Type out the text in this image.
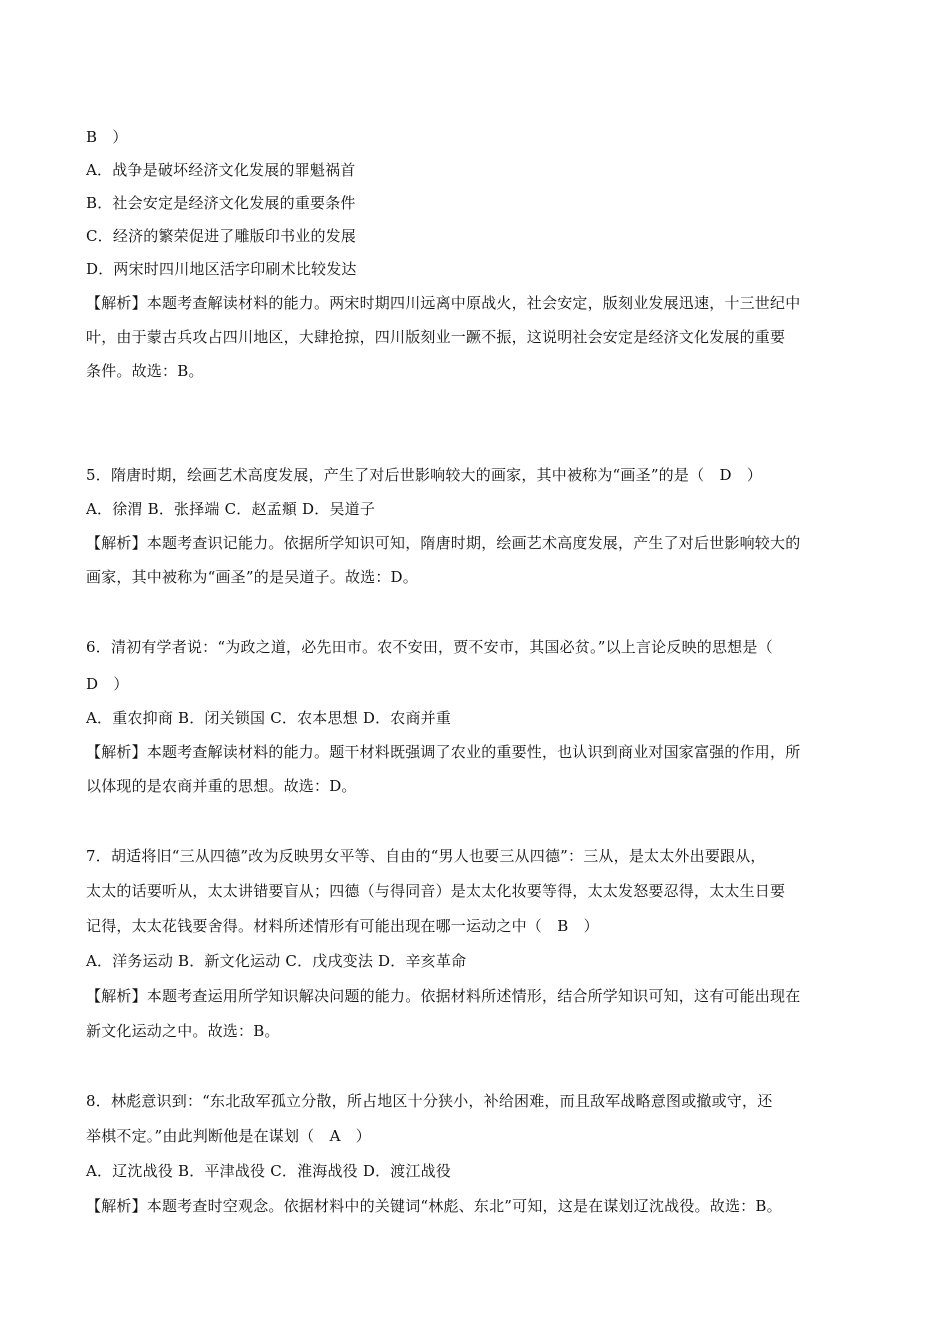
B　）
A．战争是破坏经济文化发展的罪魁祸首
B．社会安定是经济文化发展的重要条件
C．经济的繁荣促进了雕版印书业的发展
D．两宋时四川地区活字印刷术比较发达
【解析】本题考查解读材料的能力。两宋时期四川远离中原战火，社会安定，版刻业发展迅速，十三世纪中
叶，由于蒙古兵攻占四川地区，大肆抢掠，四川版刻业一蹶不振，这说明社会安定是经济文化发展的重要
条件。故选：B。
5．隋唐时期，绘画艺术高度发展，产生了对后世影响较大的画家，其中被称为“画圣”的是（　D　）
A．徐渭 B．张择端 C．赵孟頫 D．吴道子
【解析】本题考查识记能力。依据所学知识可知，隋唐时期，绘画艺术高度发展，产生了对后世影响较大的
画家，其中被称为“画圣”的是吴道子。故选：D。
6．清初有学者说：“为政之道，必先田市。农不安田，贾不安市，其国必贫。”以上言论反映的思想是（
D　）
A．重农抑商 B．闭关锁国 C．农本思想 D．农商并重
【解析】本题考查解读材料的能力。题干材料既强调了农业的重要性，也认识到商业对国家富强的作用，所
以体现的是农商并重的思想。故选：D。
7．胡适将旧“三从四德”改为反映男女平等、自由的“男人也要三从四德”：三从，是太太外出要跟从，
太太的话要听从，太太讲错要盲从；四德（与得同音）是太太化妆要等得，太太发怒要忍得，太太生日要
记得，太太花钱要舍得。材料所述情形有可能出现在哪一运动之中（　B　）
A．洋务运动 B．新文化运动 C．戊戌变法 D．辛亥革命
【解析】本题考查运用所学知识解决问题的能力。依据材料所述情形，结合所学知识可知，这有可能出现在
新文化运动之中。故选：B。
8．林彪意识到：“东北敌军孤立分散，所占地区十分狭小，补给困难，而且敌军战略意图或撤或守，还
举棋不定。”由此判断他是在谋划（　A　）
A．辽沈战役 B．平津战役 C．淮海战役 D．渡江战役
【解析】本题考查时空观念。依据材料中的关键词“林彪、东北”可知，这是在谋划辽沈战役。故选：B。
